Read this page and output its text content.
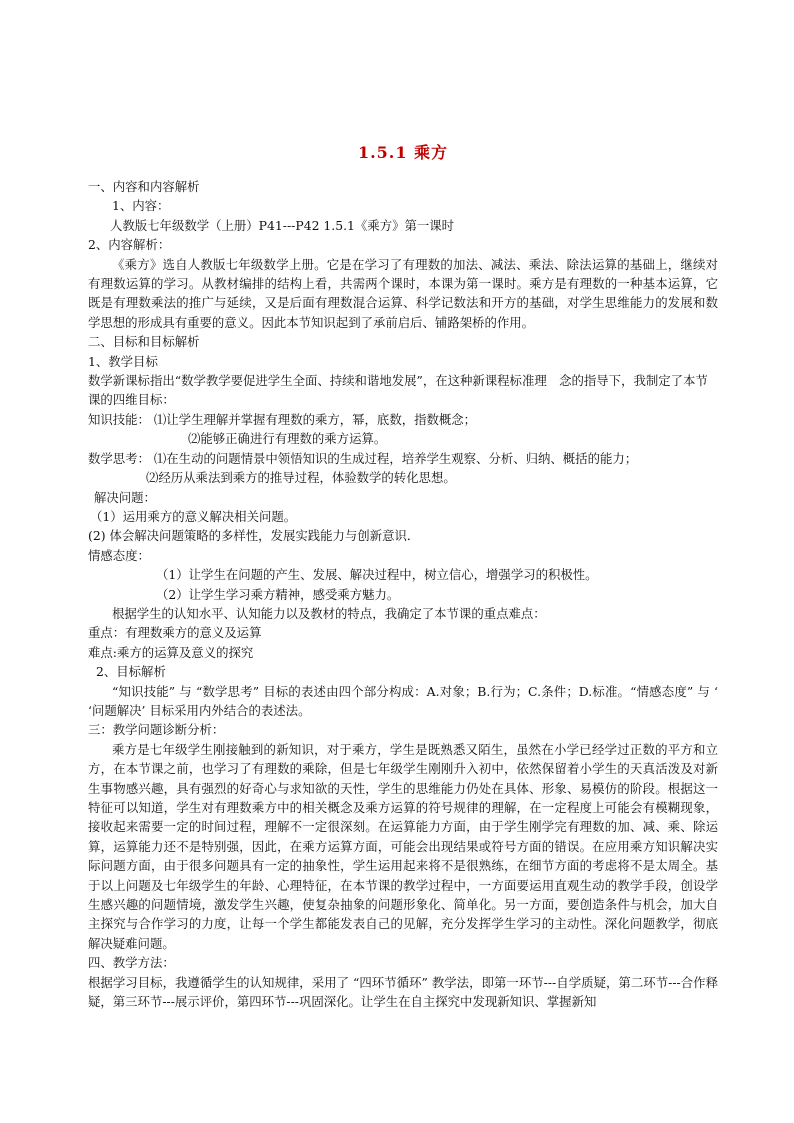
1.5.1 乘方

一、内容和内容解析

1、内容：

人教版七年级数学（上册）P41---P42 1.5.1《乘方》第一课时

2、内容解析：

《乘方》选自人教版七年级数学上册。它是在学习了有理数的加法、减法、乘法、除法运算的基础上，继续对有理数运算的学习。从教材编排的结构上看，共需两个课时，本课为第一课时。乘方是有理数的一种基本运算，它既是有理数乘法的推广与延续，又是后面有理数混合运算、科学记数法和开方的基础，对学生思维能力的发展和数学思想的形成具有重要的意义。因此本节知识起到了承前启后、铺路架桥的作用。

二、目标和目标解析

1、教学目标

数学新课标指出“数学教学要促进学生全面、持续和谐地发展”，在这种新课程标准理　念的指导下，我制定了本节课的四维目标：

知识技能： ⑴让学生理解并掌握有理数的乘方，幂，底数，指数概念；

⑵能够正确进行有理数的乘方运算。

数学思考： ⑴在生动的问题情景中领悟知识的生成过程，培养学生观察、分析、归纳、概括的能力；

⑵经历从乘法到乘方的推导过程，体验数学的转化思想。

解决问题：

（1）运用乘方的意义解决相关问题。

(2) 体会解决问题策略的多样性，发展实践能力与创新意识．

情感态度：

（1）让学生在问题的产生、发展、解决过程中，树立信心，增强学习的积极性。

（2）让学生学习乘方精神，感受乘方魅力。

根据学生的认知水平、认知能力以及教材的特点，我确定了本节课的重点难点：

重点：有理数乘方的意义及运算

难点:乘方的运算及意义的探究

2、目标解析

“知识技能” 与 “数学思考” 目标的表述由四个部分构成：A.对象；B.行为；C.条件；D.标准。“情感态度” 与 ‘ ‘问题解决’ 目标采用内外结合的表述法。

三：教学问题诊断分析：

乘方是七年级学生刚接触到的新知识，对于乘方，学生是既熟悉又陌生，虽然在小学已经学过正数的平方和立方，在本节课之前，也学习了有理数的乘除，但是七年级学生刚刚升入初中，依然保留着小学生的天真活泼及对新生事物感兴趣，具有强烈的好奇心与求知欲的天性，学生的思维能力仍处在具体、形象、易模仿的阶段。根据这一特征可以知道，学生对有理数乘方中的相关概念及乘方运算的符号规律的理解，在一定程度上可能会有模糊现象，接收起来需要一定的时间过程，理解不一定很深刻。在运算能力方面，由于学生刚学完有理数的加、减、乘、除运算，运算能力还不是特别强，因此，在乘方运算方面，可能会出现结果或符号方面的错误。在应用乘方知识解决实际问题方面，由于很多问题具有一定的抽象性，学生运用起来将不是很熟练，在细节方面的考虑将不是太周全。基于以上问题及七年级学生的年龄、心理特征，在本节课的教学过程中，一方面要运用直观生动的教学手段，创设学生感兴趣的问题情境，激发学生兴趣，使复杂抽象的问题形象化、简单化。另一方面，要创造条件与机会，加大自主探究与合作学习的力度，让每一个学生都能发表自己的见解，充分发挥学生学习的主动性。深化问题教学，彻底解决疑难问题。

四、教学方法：

根据学习目标，我遵循学生的认知规律，采用了 “四环节循环” 教学法，即第一环节---自学质疑，第二环节---合作释疑，第三环节---展示评价，第四环节---巩固深化。让学生在自主探究中发现新知识、掌握新知
